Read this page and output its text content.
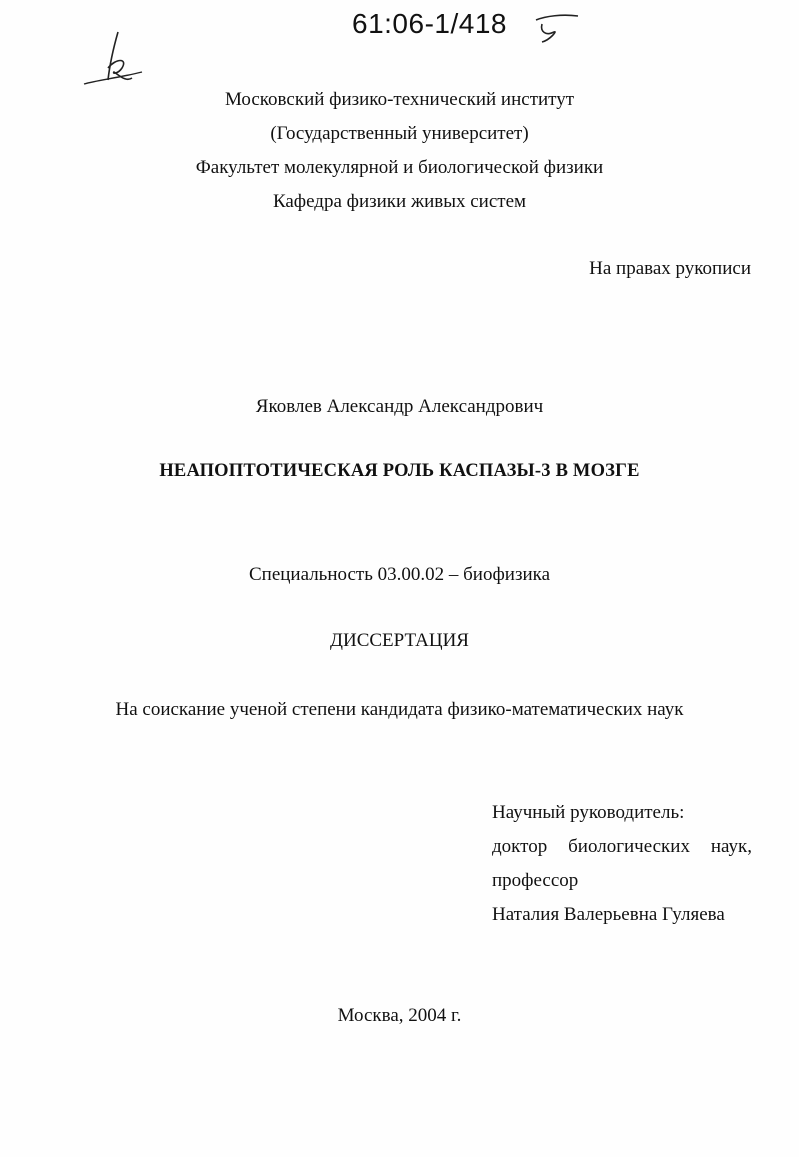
61:06-1/418
Московский физико-технический институт
(Государственный университет)
Факультет молекулярной и биологической физики
Кафедра физики живых систем
На правах рукописи
Яковлев Александр Александрович
НЕАПОПТОТИЧЕСКАЯ РОЛЬ КАСПАЗЫ-3 В МОЗГЕ
Специальность 03.00.02 – биофизика
ДИССЕРТАЦИЯ
На соискание ученой степени кандидата физико-математических наук
Научный руководитель:
доктор биологических наук,
профессор
Наталия Валерьевна Гуляева
Москва, 2004 г.
